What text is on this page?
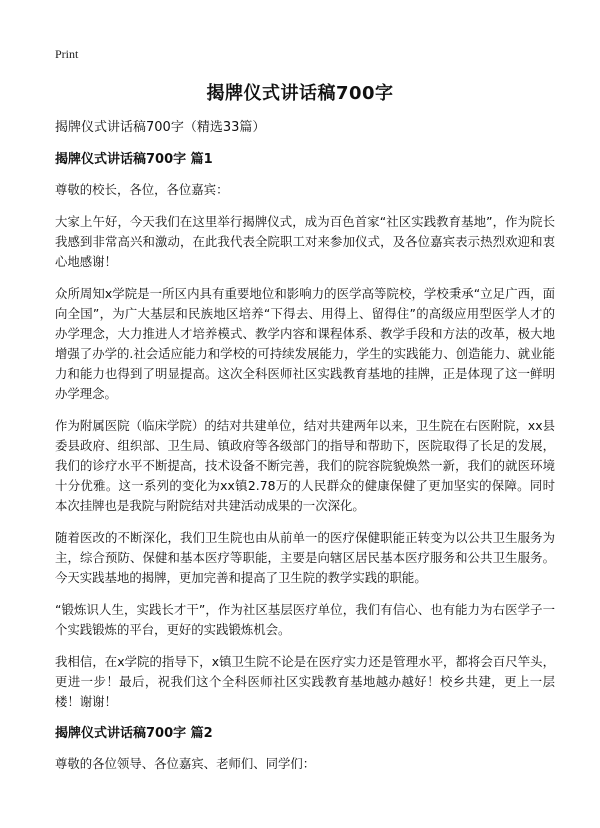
Print
揭牌仪式讲话稿700字
揭牌仪式讲话稿700字（精选33篇）
揭牌仪式讲话稿700字 篇1

尊敬的校长，各位，各位嘉宾：

大家上午好，今天我们在这里举行揭牌仪式，成为百色首家“社区实践教育基地”，作为院长我感到非常高兴和激动，在此我代表全院职工对来参加仪式，及各位嘉宾表示热烈欢迎和衷心地感谢！

众所周知x学院是一所区内具有重要地位和影响力的医学高等院校，学校秉承“立足广西，面向全国”，为广大基层和民族地区培养“下得去、用得上、留得住”的高级应用型医学人才的办学理念，大力推进人才培养模式、教学内容和课程体系、教学手段和方法的改革，极大地增强了办学的.社会适应能力和学校的可持续发展能力，学生的实践能力、创造能力、就业能力和能力也得到了明显提高。这次全科医师社区实践教育基地的挂牌，正是体现了这一鲜明办学理念。

作为附属医院（临床学院）的结对共建单位，结对共建两年以来，卫生院在右医附院，xx县委县政府、组织部、卫生局、镇政府等各级部门的指导和帮助下，医院取得了长足的发展，我们的诊疗水平不断提高，技术设备不断完善，我们的院容院貌焕然一新，我们的就医环境十分优雅。这一系列的变化为xx镇2.78万的人民群众的健康保健了更加坚实的保障。同时本次挂牌也是我院与附院结对共建活动成果的一次深化。

随着医改的不断深化，我们卫生院也由从前单一的医疗保健职能正转变为以公共卫生服务为主，综合预防、保健和基本医疗等职能，主要是向辖区居民基本医疗服务和公共卫生服务。今天实践基地的揭牌，更加完善和提高了卫生院的教学实践的职能。

“锻炼识人生，实践长才干”，作为社区基层医疗单位，我们有信心、也有能力为右医学子一个实践锻炼的平台，更好的实践锻炼机会。

我相信，在x学院的指导下，x镇卫生院不论是在医疗实力还是管理水平，都将会百尺竿头，更进一步！最后，祝我们这个全科医师社区实践教育基地越办越好！校乡共建，更上一层楼！谢谢！

揭牌仪式讲话稿700字 篇2

尊敬的各位领导、各位嘉宾、老师们、同学们：
